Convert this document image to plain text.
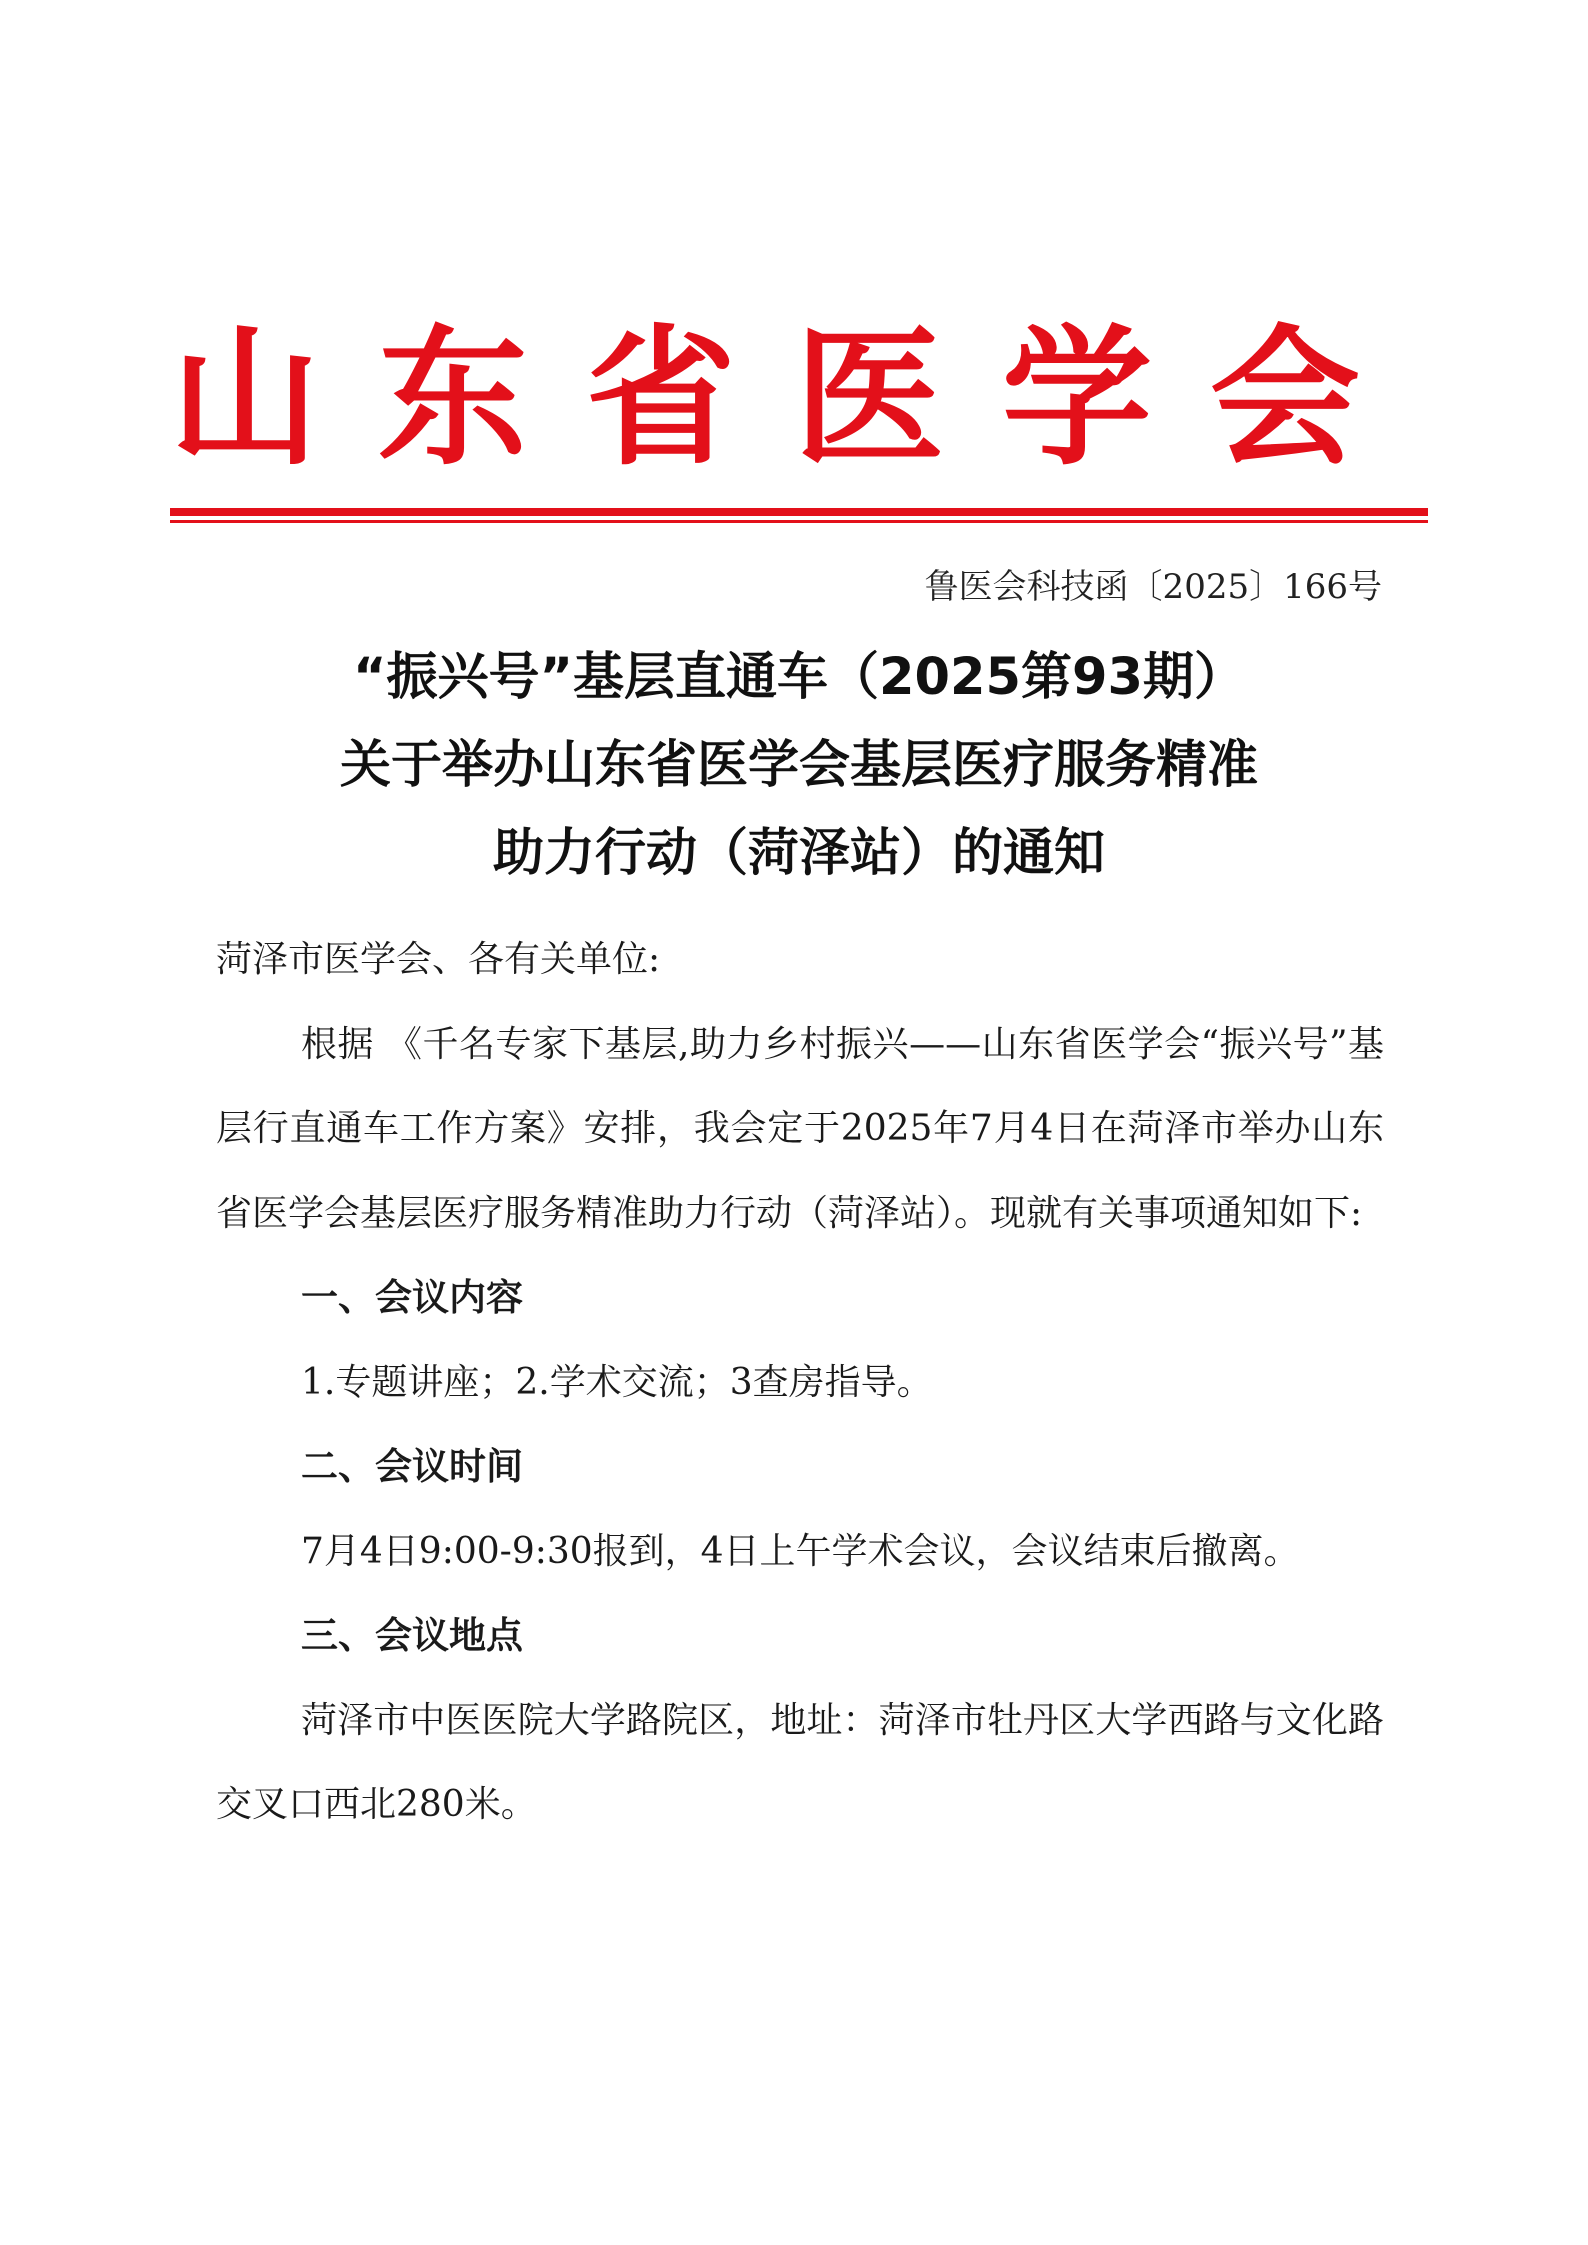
山 东 省 医 学 会
鲁医会科技函〔2025〕166号
“振兴号”基层直通车（2025第93期）
关于举办山东省医学会基层医疗服务精准
助力行动（菏泽站）的通知

菏泽市医学会、各有关单位:

根据 《千名专家下基层,助力乡村振兴——山东省医学会“振兴号”基层行直通车工作方案》安排，我会定于2025年7月4日在菏泽市举办山东省医学会基层医疗服务精准助力行动（菏泽站）。现就有关事项通知如下:

一、会议内容

1.专题讲座；2.学术交流；3查房指导。

二、会议时间

7月4日9:00-9:30报到，4日上午学术会议，会议结束后撤离。

三、会议地点

菏泽市中医医院大学路院区，地址：菏泽市牡丹区大学西路与文化路交叉口西北280米。
